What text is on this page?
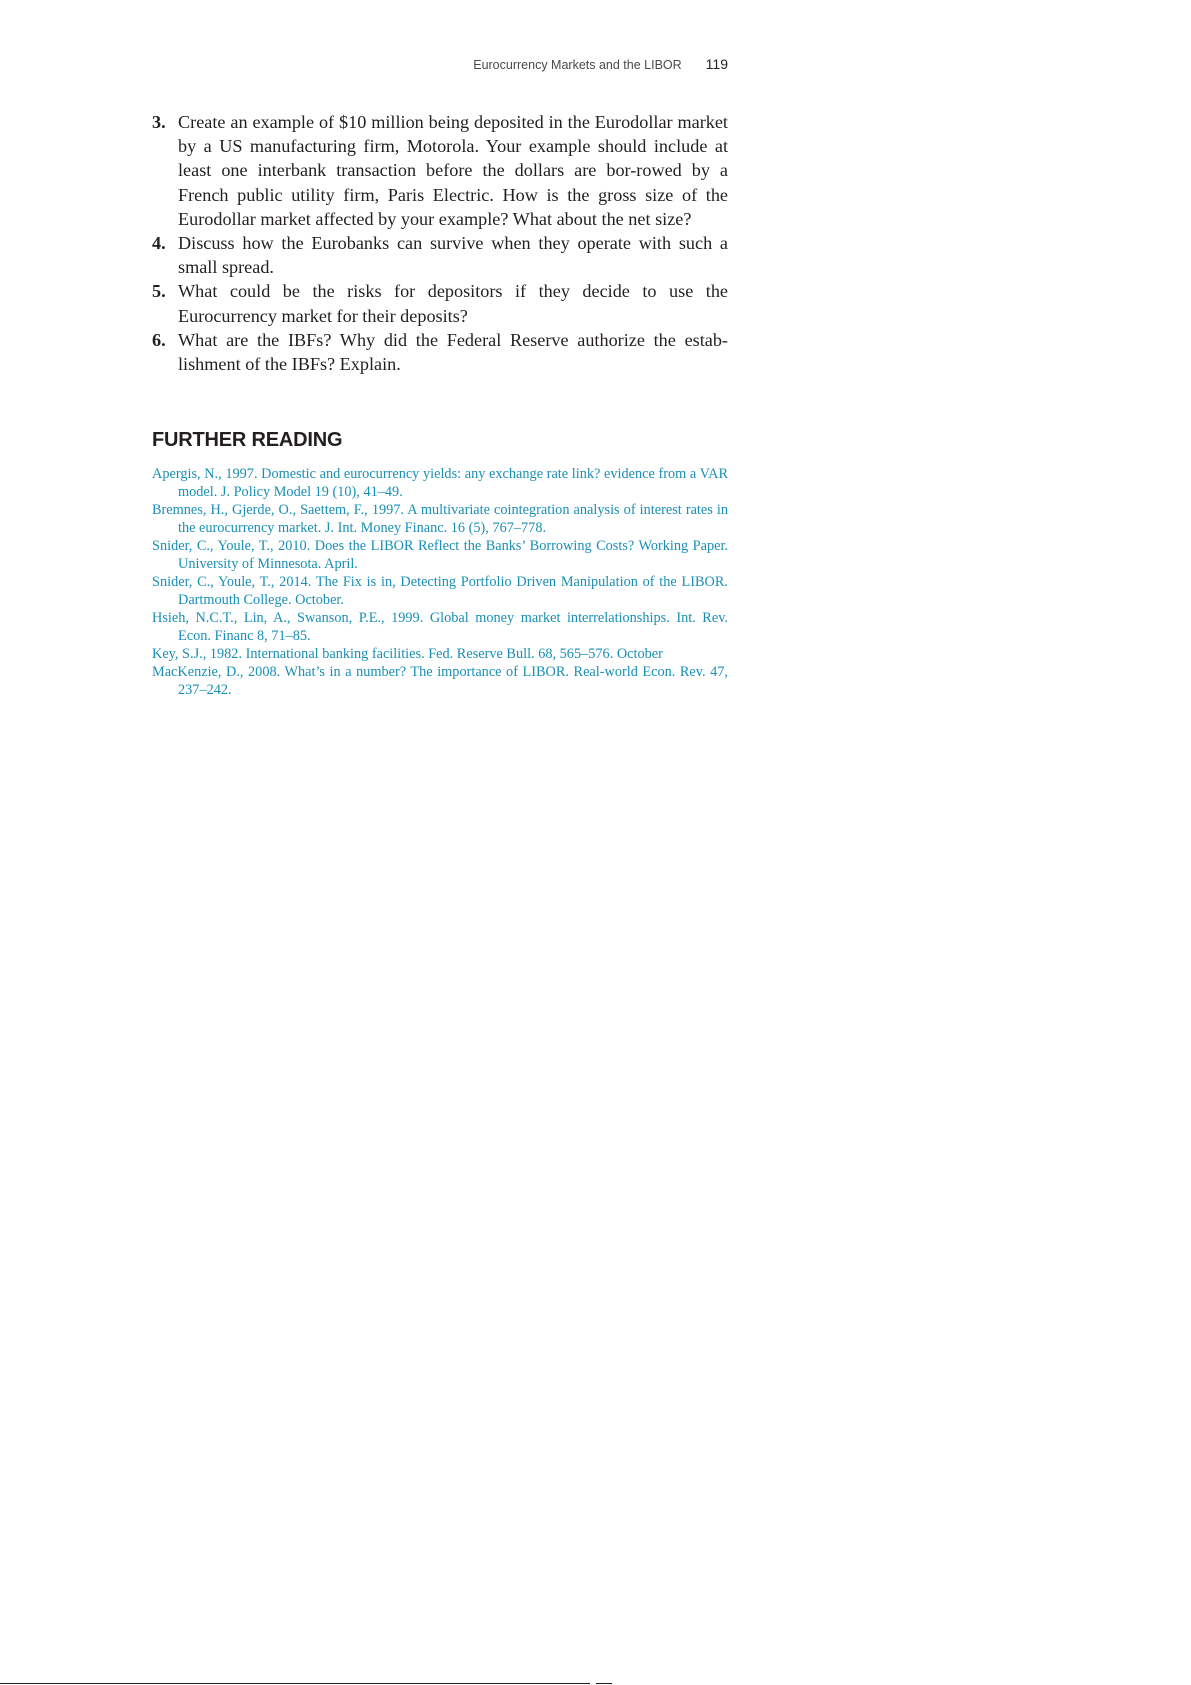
Eurocurrency Markets and the LIBOR 119
3. Create an example of $10 million being deposited in the Eurodollar market by a US manufacturing firm, Motorola. Your example should include at least one interbank transaction before the dollars are bor-rowed by a French public utility firm, Paris Electric. How is the gross size of the Eurodollar market affected by your example? What about the net size?
4. Discuss how the Eurobanks can survive when they operate with such a small spread.
5. What could be the risks for depositors if they decide to use the Eurocurrency market for their deposits?
6. What are the IBFs? Why did the Federal Reserve authorize the estab-lishment of the IBFs? Explain.
FURTHER READING
Apergis, N., 1997. Domestic and eurocurrency yields: any exchange rate link? evidence from a VAR model. J. Policy Model 19 (10), 41–49.
Bremnes, H., Gjerde, O., Saettem, F., 1997. A multivariate cointegration analysis of interest rates in the eurocurrency market. J. Int. Money Financ. 16 (5), 767–778.
Snider, C., Youle, T., 2010. Does the LIBOR Reflect the Banks’ Borrowing Costs? Working Paper. University of Minnesota. April.
Snider, C., Youle, T., 2014. The Fix is in, Detecting Portfolio Driven Manipulation of the LIBOR. Dartmouth College. October.
Hsieh, N.C.T., Lin, A., Swanson, P.E., 1999. Global money market interrelationships. Int. Rev. Econ. Financ 8, 71–85.
Key, S.J., 1982. International banking facilities. Fed. Reserve Bull. 68, 565–576. October
MacKenzie, D., 2008. What’s in a number? The importance of LIBOR. Real-world Econ. Rev. 47, 237–242.
